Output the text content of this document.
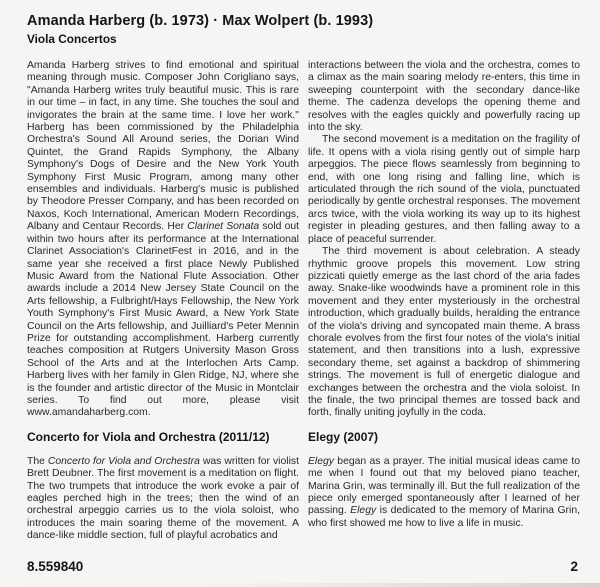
Amanda Harberg (b. 1973) · Max Wolpert (b. 1993)
Viola Concertos

Amanda Harberg strives to find emotional and spiritual meaning through music. Composer John Corigliano says, "Amanda Harberg writes truly beautiful music. This is rare in our time – in fact, in any time. She touches the soul and invigorates the brain at the same time. I love her work." Harberg has been commissioned by the Philadelphia Orchestra's Sound All Around series, the Dorian Wind Quintet, the Grand Rapids Symphony, the Albany Symphony's Dogs of Desire and the New York Youth Symphony First Music Program, among many other ensembles and individuals. Harberg's music is published by Theodore Presser Company, and has been recorded on Naxos, Koch International, American Modern Recordings, Albany and Centaur Records. Her Clarinet Sonata sold out within two hours after its performance at the International Clarinet Association's ClarinetFest in 2016, and in the same year she received a first place Newly Published Music Award from the National Flute Association. Other awards include a 2014 New Jersey State Council on the Arts fellowship, a Fulbright/Hays Fellowship, the New York Youth Symphony's First Music Award, a New York State Council on the Arts fellowship, and Juilliard's Peter Mennin Prize for outstanding accomplishment. Harberg currently teaches composition at Rutgers University Mason Gross School of the Arts and at the Interlochen Arts Camp. Harberg lives with her family in Glen Ridge, NJ, where she is the founder and artistic director of the Music in Montclair series. To find out more, please visit www.amandaharberg.com.

Concerto for Viola and Orchestra (2011/12)

The Concerto for Viola and Orchestra was written for violist Brett Deubner. The first movement is a meditation on flight. The two trumpets that introduce the work evoke a pair of eagles perched high in the trees; then the wind of an orchestral arpeggio carries us to the viola soloist, who introduces the main soaring theme of the movement. A dance-like middle section, full of playful acrobatics and

interactions between the viola and the orchestra, comes to a climax as the main soaring melody re-enters, this time in sweeping counterpoint with the secondary dance-like theme. The cadenza develops the opening theme and resolves with the eagles quickly and powerfully racing up into the sky.

The second movement is a meditation on the fragility of life. It opens with a viola rising gently out of simple harp arpeggios. The piece flows seamlessly from beginning to end, with one long rising and falling line, which is articulated through the rich sound of the viola, punctuated periodically by gentle orchestral responses. The movement arcs twice, with the viola working its way up to its highest register in pleading gestures, and then falling away to a place of peaceful surrender.

The third movement is about celebration. A steady rhythmic groove propels this movement. Low string pizzicati quietly emerge as the last chord of the aria fades away. Snake-like woodwinds have a prominent role in this movement and they enter mysteriously in the orchestral introduction, which gradually builds, heralding the entrance of the viola's driving and syncopated main theme. A brass chorale evolves from the first four notes of the viola's initial statement, and then transitions into a lush, expressive secondary theme, set against a backdrop of shimmering strings. The movement is full of energetic dialogue and exchanges between the orchestra and the viola soloist. In the finale, the two principal themes are tossed back and forth, finally uniting joyfully in the coda.

Elegy (2007)

Elegy began as a prayer. The initial musical ideas came to me when I found out that my beloved piano teacher, Marina Grin, was terminally ill. But the full realization of the piece only emerged spontaneously after I learned of her passing. Elegy is dedicated to the memory of Marina Grin, who first showed me how to live a life in music.

8.559840	2
